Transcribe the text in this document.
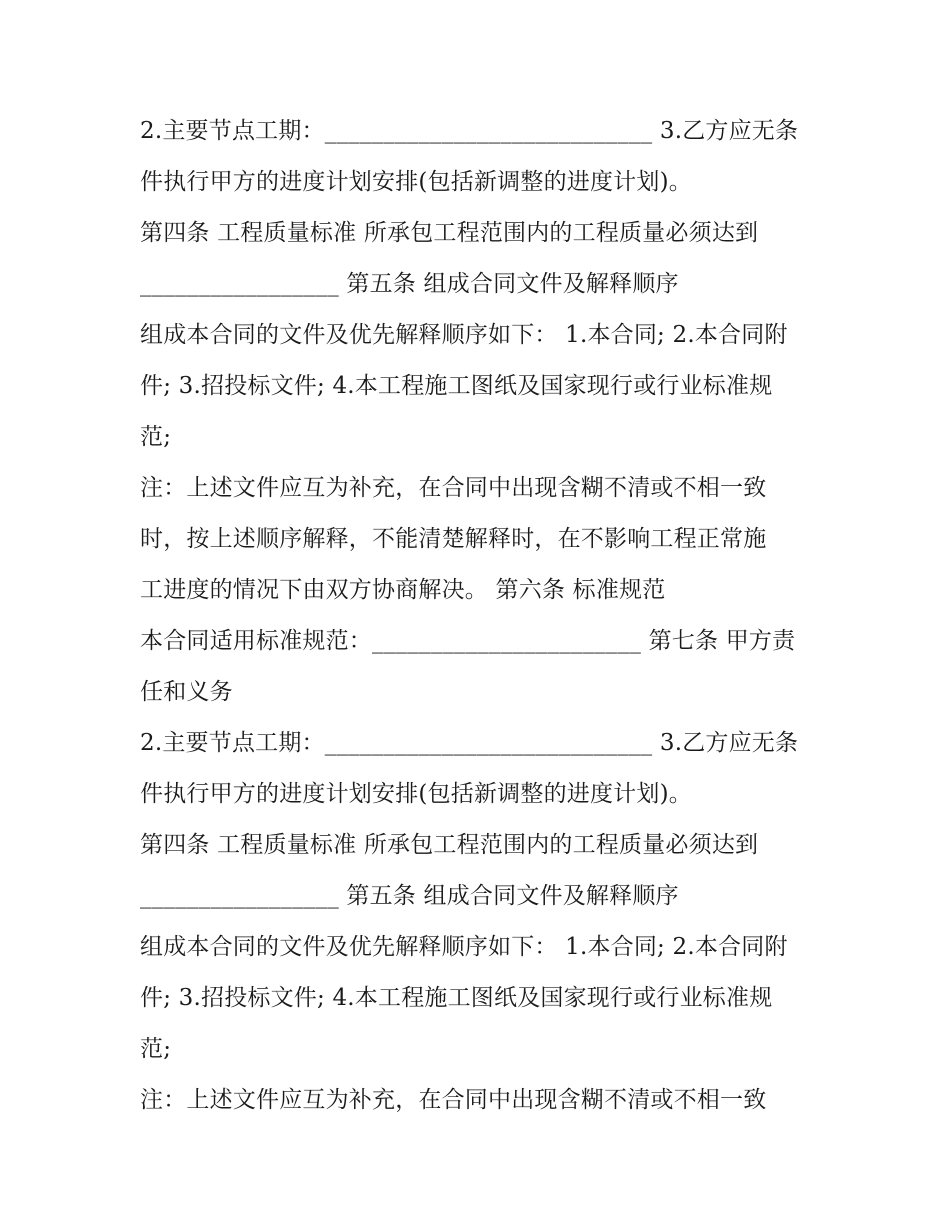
2.主要节点工期：____________________________ 3.乙方应无条
件执行甲方的进度计划安排(包括新调整的进度计划)。
第四条 工程质量标准 所承包工程范围内的工程质量必须达到
_________________ 第五条 组成合同文件及解释顺序
组成本合同的文件及优先解释顺序如下： 1.本合同; 2.本合同附
件; 3.招投标文件; 4.本工程施工图纸及国家现行或行业标准规
范;
注：上述文件应互为补充，在合同中出现含糊不清或不相一致
时，按上述顺序解释，不能清楚解释时，在不影响工程正常施
工进度的情况下由双方协商解决。 第六条 标准规范
本合同适用标准规范：_______________________ 第七条 甲方责
任和义务
2.主要节点工期：____________________________ 3.乙方应无条
件执行甲方的进度计划安排(包括新调整的进度计划)。
第四条 工程质量标准 所承包工程范围内的工程质量必须达到
_________________ 第五条 组成合同文件及解释顺序
组成本合同的文件及优先解释顺序如下： 1.本合同; 2.本合同附
件; 3.招投标文件; 4.本工程施工图纸及国家现行或行业标准规
范;
注：上述文件应互为补充，在合同中出现含糊不清或不相一致
